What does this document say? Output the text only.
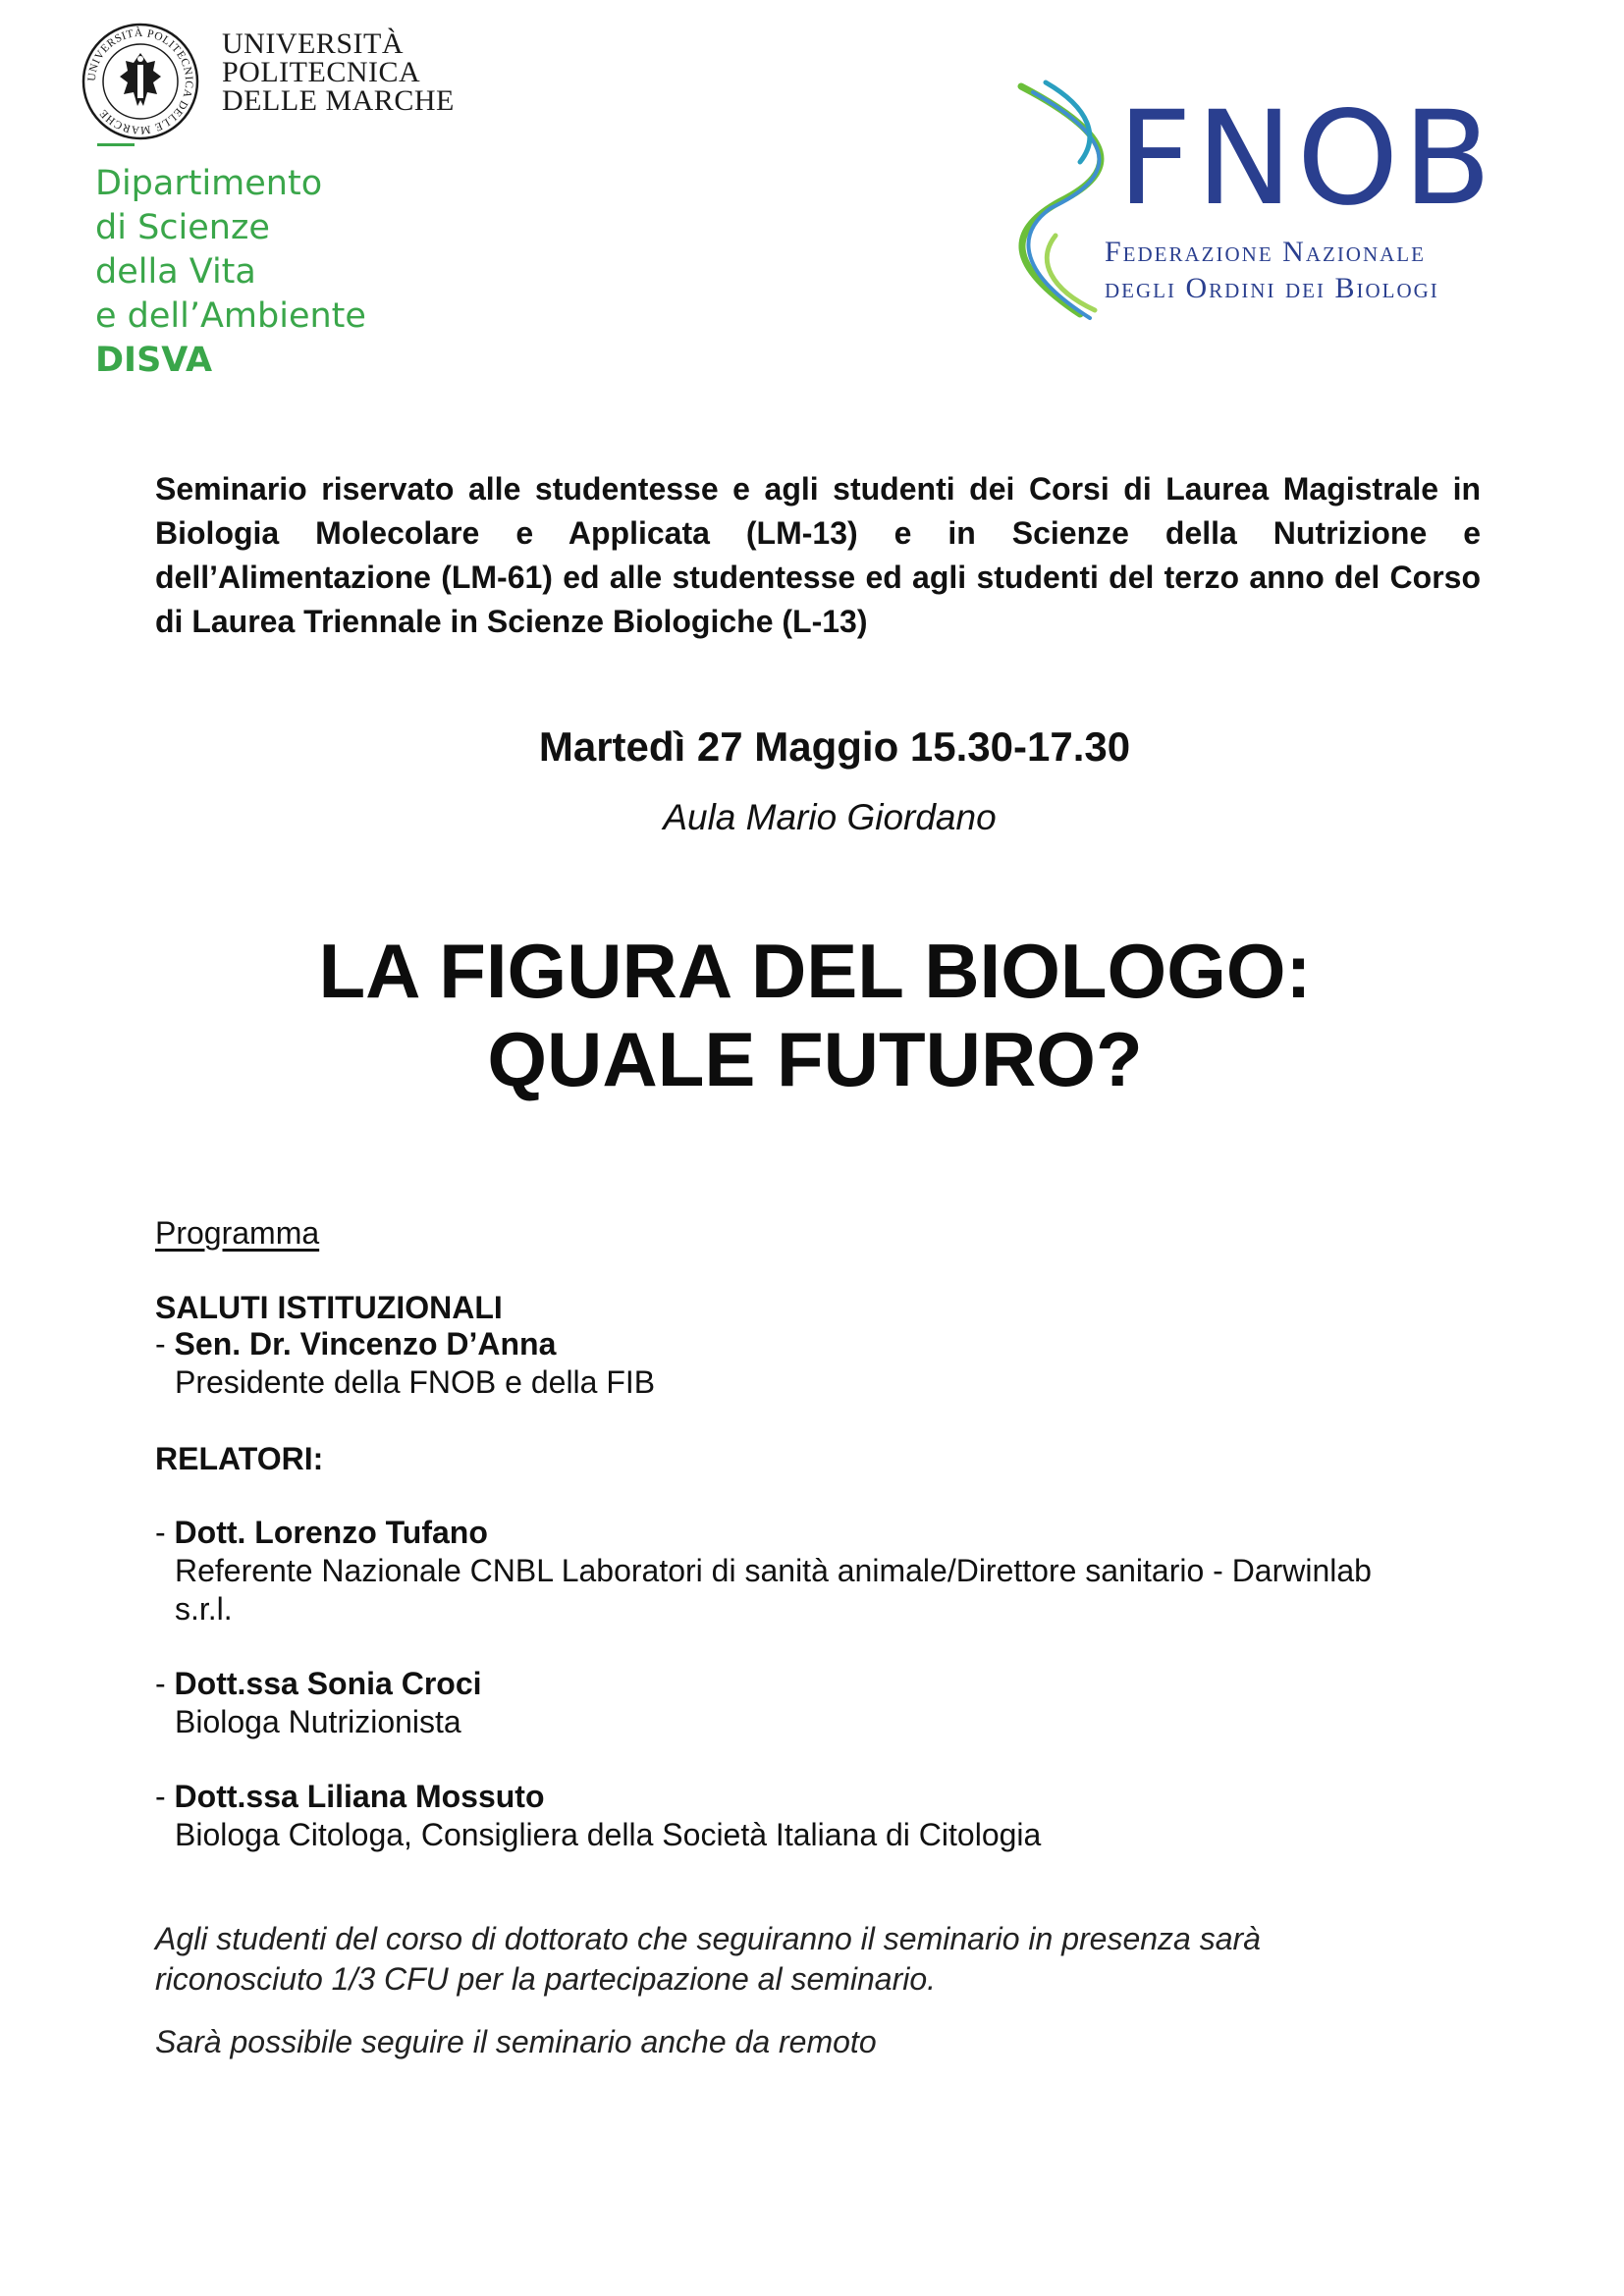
UNIVERSITÀ POLITECNICA DELLE MARCHE
UNIVERSITÀ
POLITECNICA
DELLE MARCHE
Dipartimento
di Scienze
della Vita
e dell’Ambiente
DISVA
FNOB
Federazione Nazionale
degli Ordini dei Biologi
Seminario riservato alle studentesse e agli studenti dei Corsi di Laurea Magistrale in Biologia Molecolare e Applicata (LM-13) e in Scienze della Nutrizione e dell’Alimentazione (LM-61) ed alle studentesse ed agli studenti del terzo anno del Corso di Laurea Triennale in Scienze Biologiche (L-13)
Martedì 27 Maggio 15.30-17.30
Aula Mario Giordano
LA FIGURA DEL BIOLOGO:
QUALE FUTURO?
Programma
SALUTI ISTITUZIONALI
- Sen. Dr. Vincenzo D’Anna
Presidente della FNOB e della FIB
RELATORI:
- Dott. Lorenzo Tufano
Referente Nazionale CNBL Laboratori di sanità animale/Direttore sanitario - Darwinlab
s.r.l.
- Dott.ssa Sonia Croci
Biologa Nutrizionista
- Dott.ssa Liliana Mossuto
Biologa Citologa, Consigliera della Società Italiana di Citologia
Agli studenti del corso di dottorato che seguiranno il seminario in presenza sarà
riconosciuto 1/3 CFU per la partecipazione al seminario.
Sarà possibile seguire il seminario anche da remoto
